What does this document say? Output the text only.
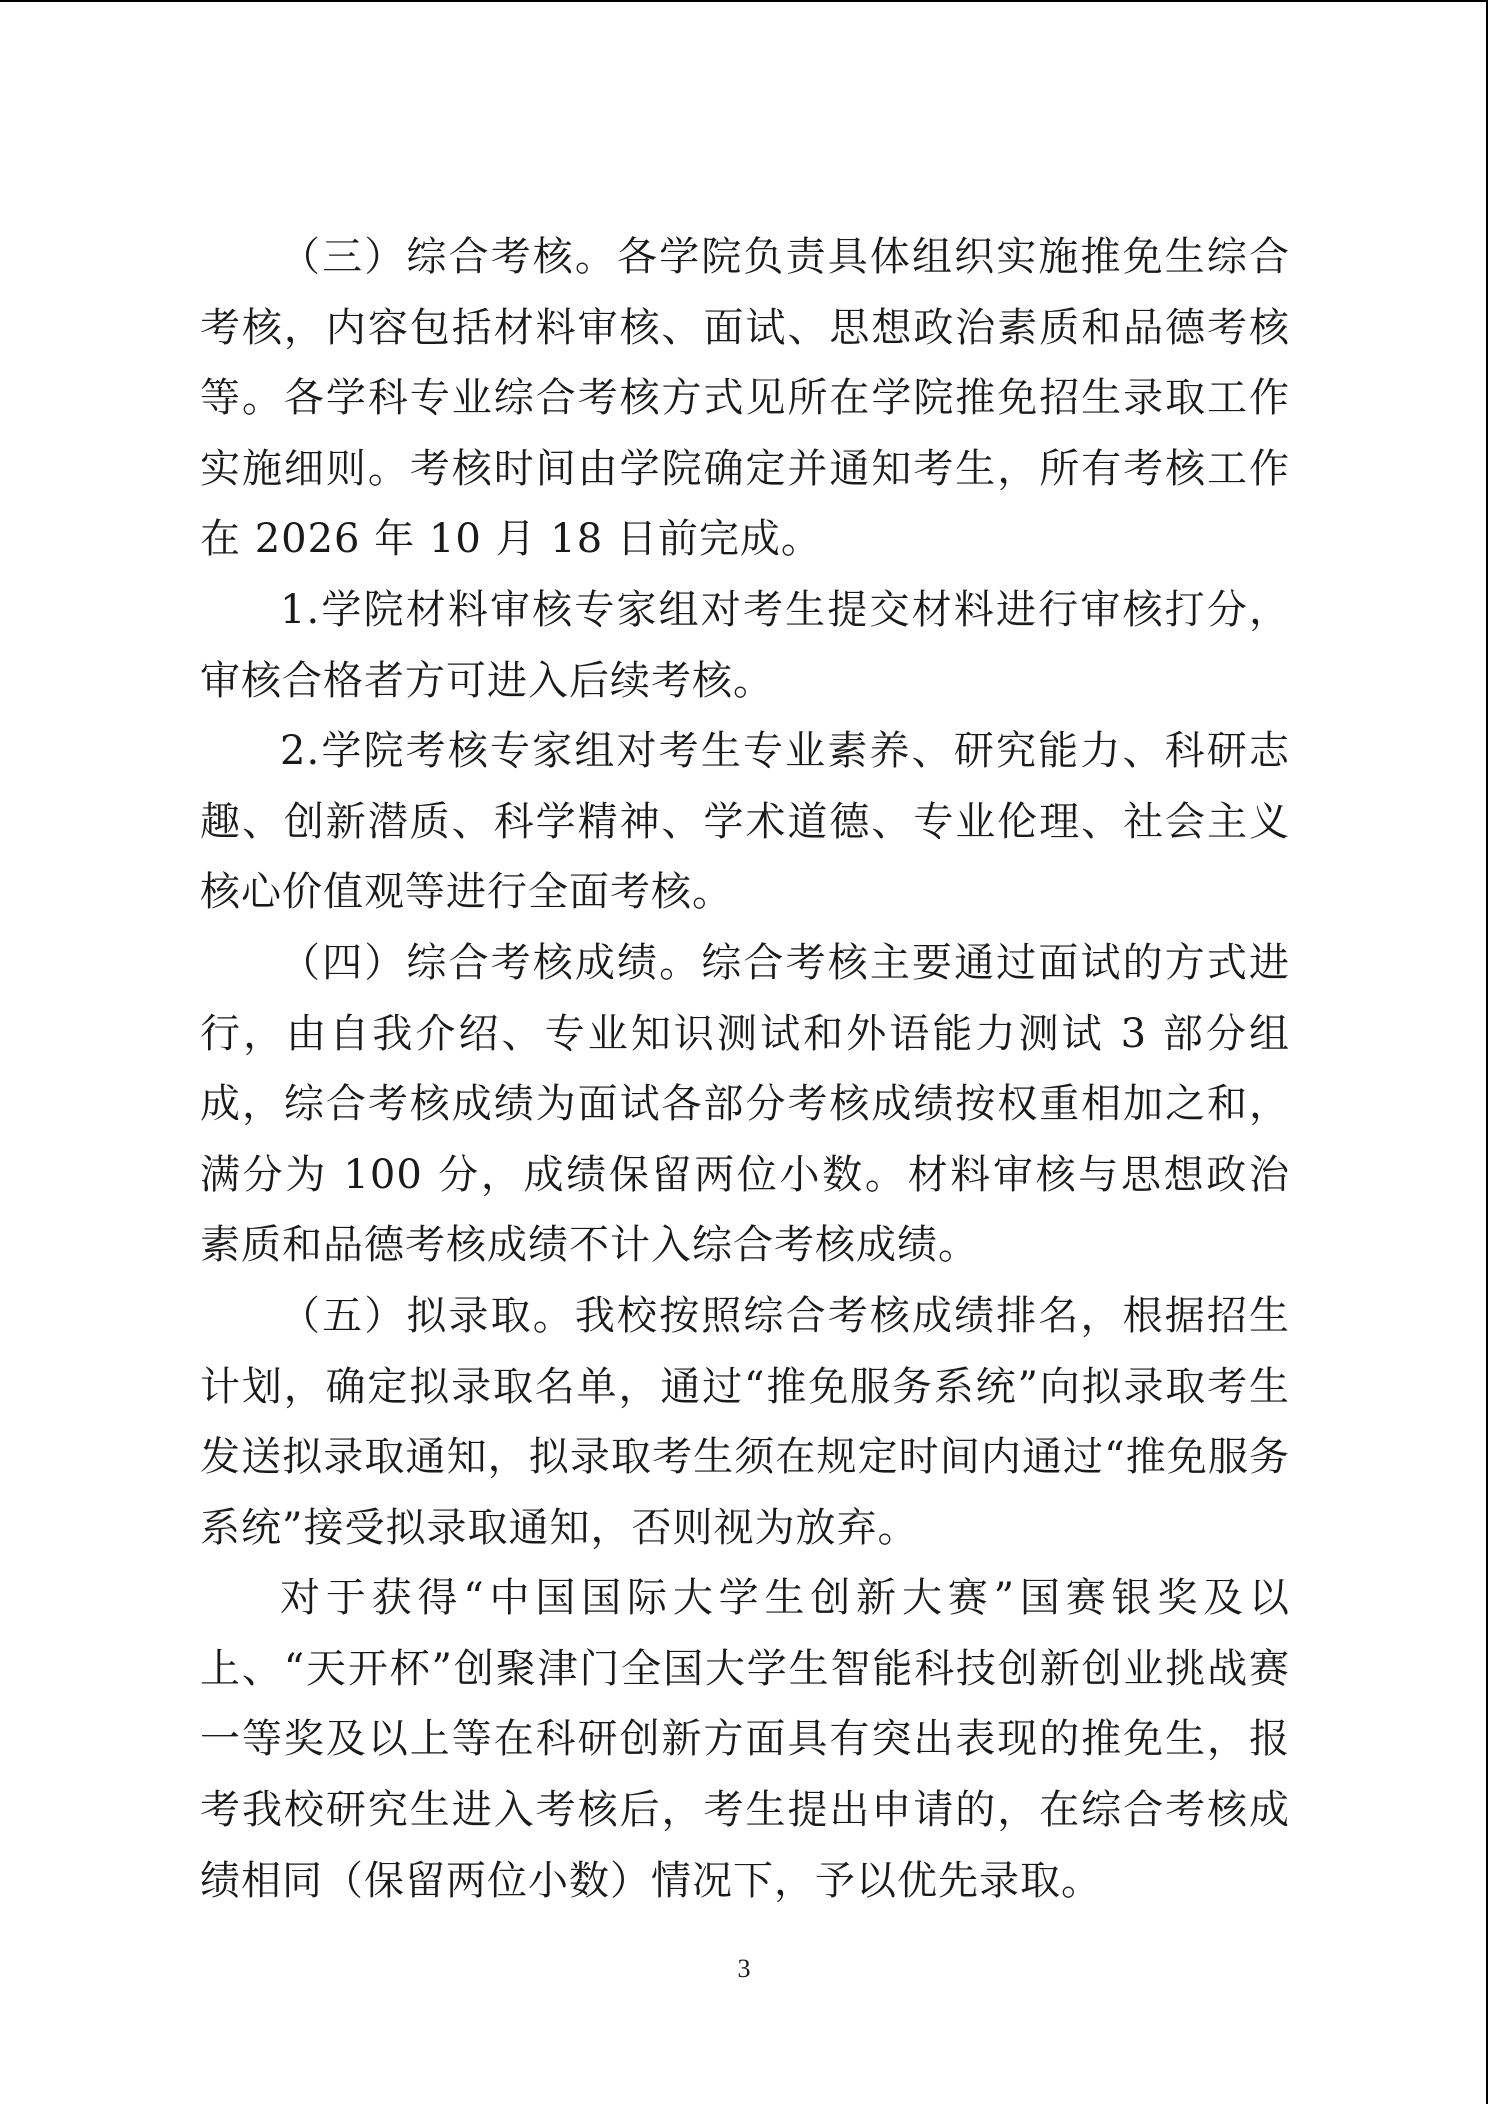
（三）综合考核。各学院负责具体组织实施推免生综合考核，内容包括材料审核、面试、思想政治素质和品德考核等。各学科专业综合考核方式见所在学院推免招生录取工作实施细则。考核时间由学院确定并通知考生，所有考核工作在 2026 年 10 月 18 日前完成。

1.学院材料审核专家组对考生提交材料进行审核打分，审核合格者方可进入后续考核。

2.学院考核专家组对考生专业素养、研究能力、科研志趣、创新潜质、科学精神、学术道德、专业伦理、社会主义核心价值观等进行全面考核。

（四）综合考核成绩。综合考核主要通过面试的方式进行，由自我介绍、专业知识测试和外语能力测试 3 部分组成，综合考核成绩为面试各部分考核成绩按权重相加之和，满分为 100 分，成绩保留两位小数。材料审核与思想政治素质和品德考核成绩不计入综合考核成绩。

（五）拟录取。我校按照综合考核成绩排名，根据招生计划，确定拟录取名单，通过“推免服务系统”向拟录取考生发送拟录取通知，拟录取考生须在规定时间内通过“推免服务系统”接受拟录取通知，否则视为放弃。

对于获得“中国国际大学生创新大赛”国赛银奖及以上、“天开杯”创聚津门全国大学生智能科技创新创业挑战赛一等奖及以上等在科研创新方面具有突出表现的推免生，报考我校研究生进入考核后，考生提出申请的，在综合考核成绩相同（保留两位小数）情况下，予以优先录取。

3
